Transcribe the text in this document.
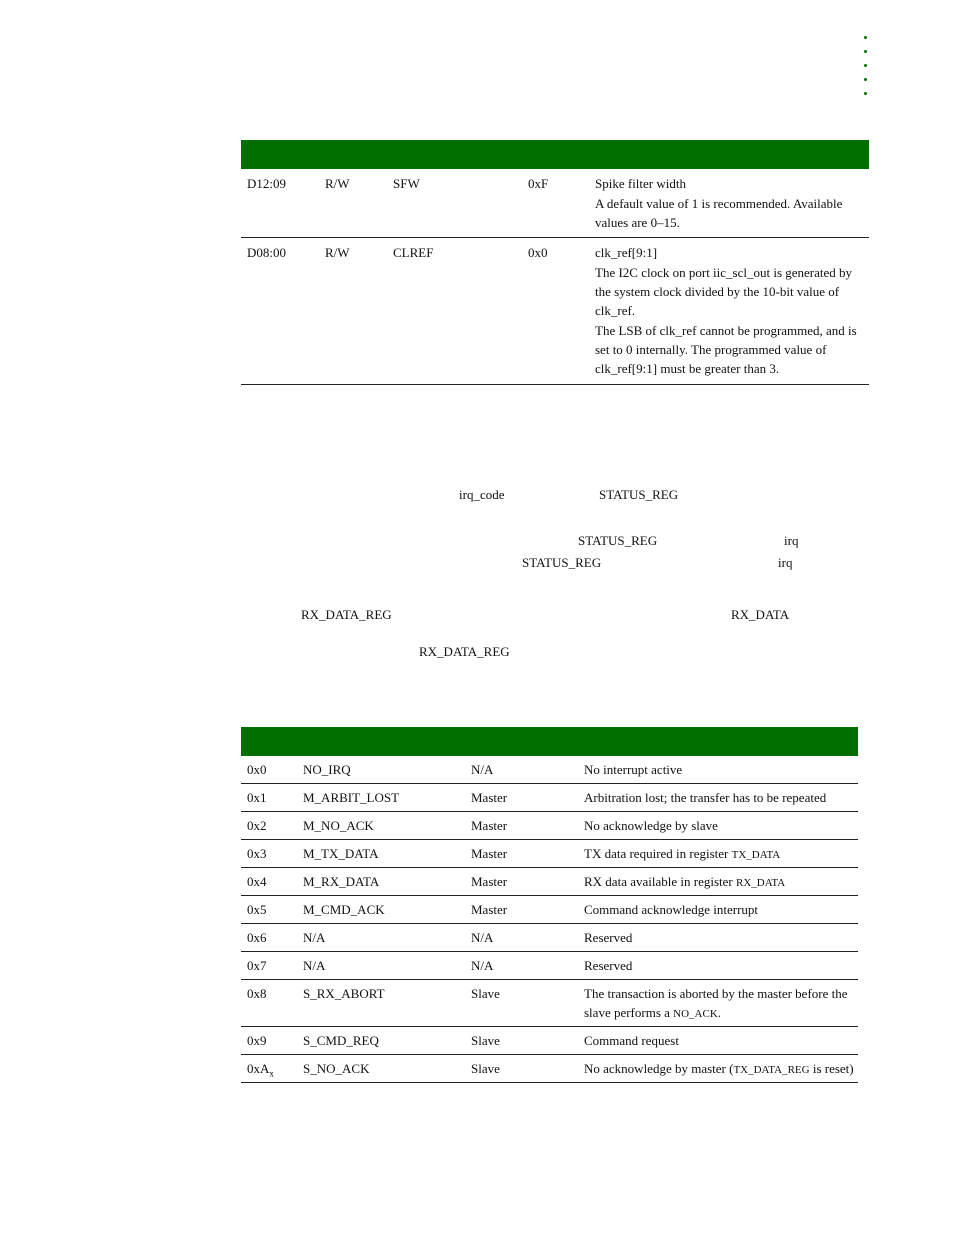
D12:09	R/W	SFW	0xF	Spike filter width

A default value of 1 is recommended. Available values are 0–15.

D08:00	R/W	CLREF	0x0	clk_ref[9:1]

The I2C clock on port iic_scl_out is generated by the system clock divided by the 10-bit value of clk_ref.

The LSB of clk_ref cannot be programmed, and is set to 0 internally. The programmed value of clk_ref[9:1] must be greater than 3.

irq_code	STATUS_REG
STATUS_REG	irq
STATUS_REG	irq
RX_DATA_REG	RX_DATA
RX_DATA_REG
0x0	NO_IRQ	N/A	No interrupt active
0x1	M_ARBIT_LOST	Master	Arbitration lost; the transfer has to be repeated
0x2	M_NO_ACK	Master	No acknowledge by slave
0x3	M_TX_DATA	Master	TX data required in register TX_DATA
0x4	M_RX_DATA	Master	RX data available in register RX_DATA
0x5	M_CMD_ACK	Master	Command acknowledge interrupt
0x6	N/A	N/A	Reserved
0x7	N/A	N/A	Reserved
0x8	S_RX_ABORT	Slave	The transaction is aborted by the master before the slave performs a NO_ACK.
0x9	S_CMD_REQ	Slave	Command request
$0xA_x$ S_NO_ACK	Slave	No acknowledge by master (TX_DATA_REG is reset)
